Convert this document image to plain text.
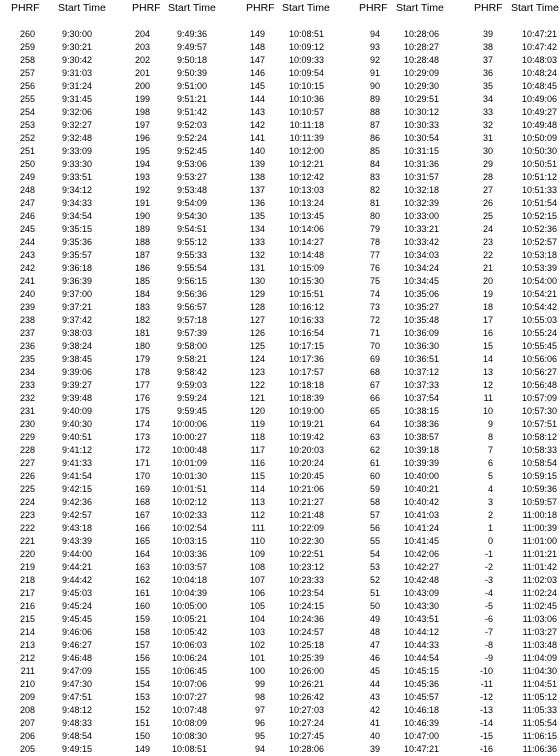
PHRF Start Time PHRF Start Time	PHRF Start Time	PHRF Start Time	PHRF Start Time
260	9:30:00	204	9:49:36	149	10:08:51	94	10:28:06	39	10:47:21
259	9:30:21	203	9:49:57	148	10:09:12	93	10:28:27	38	10:47:42
258	9:30:42	202	9:50:18	147	10:09:33	92	10:28:48	37	10:48:03
257	9:31:03	201	9:50:39	146	10:09:54	91	10:29:09	36	10:48:24
256	9:31:24	200	9:51:00	145	10:10:15	90	10:29:30	35	10:48:45
255	9:31:45	199	9:51:21	144	10:10:36	89	10:29:51	34	10:49:06
254	9:32:06	198	9:51:42	143	10:10:57	88	10:30:12	33	10:49:27
253	9:32:27	197	9:52:03	142	10:11:18	87	10:30:33	32	10:49:48
252	9:32:48	196	9:52:24	141	10:11:39	86	10:30:54	31	10:50:09
251	9:33:09	195	9:52:45	140	10:12:00	85	10:31:15	30	10:50:30
250	9:33:30	194	9:53:06	139	10:12:21	84	10:31:36	29	10:50:51
249	9:33:51	193	9:53:27	138	10:12:42	83	10:31:57	28	10:51:12
248	9:34:12	192	9:53:48	137	10:13:03	82	10:32:18	27	10:51:33
247	9:34:33	191	9:54:09	136	10:13:24	81	10:32:39	26	10:51:54
246	9:34:54	190	9:54:30	135	10:13:45	80	10:33:00	25	10:52:15
245	9:35:15	189	9:54:51	134	10:14:06	79	10:33:21	24	10:52:36
244	9:35:36	188	9:55:12	133	10:14:27	78	10:33:42	23	10:52:57
243	9:35:57	187	9:55:33	132	10:14:48	77	10:34:03	22	10:53:18
242	9:36:18	186	9:55:54	131	10:15:09	76	10:34:24	21	10:53:39
241	9:36:39	185	9:56:15	130	10:15:30	75	10:34:45	20	10:54:00
240	9:37:00	184	9:56:36	129	10:15:51	74	10:35:06	19	10:54:21
239	9:37:21	183	9:56:57	128	10:16:12	73	10:35:27	18	10:54:42
238	9:37:42	182	9:57:18	127	10:16:33	72	10:35:48	17	10:55:03
237	9:38:03	181	9:57:39	126	10:16:54	71	10:36:09	16	10:55:24
236	9:38:24	180	9:58:00	125	10:17:15	70	10:36:30	15	10:55:45
235	9:38:45	179	9:58:21	124	10:17:36	69	10:36:51	14	10:56:06
234	9:39:06	178	9:58:42	123	10:17:57	68	10:37:12	13	10:56:27
233	9:39:27	177	9:59:03	122	10:18:18	67	10:37:33	12	10:56:48
232	9:39:48	176	9:59:24	121	10:18:39	66	10:37:54	11	10:57:09
231	9:40:09	175	9:59:45	120	10:19:00	65	10:38:15	10	10:57:30
230	9:40:30	174 10:00:06	119	10:19:21	64	10:38:36	9	10:57:51
229	9:40:51	173 10:00:27	118	10:19:42	63	10:38:57	8	10:58:12
228	9:41:12	172 10:00:48	117	10:20:03	62	10:39:18	7	10:58:33
227	9:41:33	171 10:01:09	116	10:20:24	61	10:39:39	6	10:58:54
226	9:41:54	170 10:01:30	115	10:20:45	60	10:40:00	5	10:59:15
225	9:42:15	169 10:01:51	114	10:21:06	59	10:40:21	4	10:59:36
224	9:42:36	168 10:02:12	113	10:21:27	58	10:40:42	3	10:59:57
223	9:42:57	167 10:02:33	112	10:21:48	57	10:41:03	2	11:00:18
222	9:43:18	166 10:02:54	111	10:22:09	56	10:41:24	1	11:00:39
221	9:43:39	165 10:03:15	110	10:22:30	55	10:41:45	0	11:01:00
220	9:44:00	164 10:03:36	109	10:22:51	54	10:42:06	-1	11:01:21
219	9:44:21	163 10:03:57	108	10:23:12	53	10:42:27	-2	11:01:42
218	9:44:42	162 10:04:18	107	10:23:33	52	10:42:48	-3	11:02:03
217	9:45:03	161 10:04:39	106	10:23:54	51	10:43:09	-4	11:02:24
216	9:45:24	160 10:05:00	105	10:24:15	50	10:43:30	-5	11:02:45
215	9:45:45	159 10:05:21	104	10:24:36	49	10:43:51	-6	11:03:06
214	9:46:06	158 10:05:42	103	10:24:57	48	10:44:12	-7	11:03:27
213	9:46:27	157 10:06:03	102	10:25:18	47	10:44:33	-8	11:03:48
212	9:46:48	156 10:06:24	101	10:25:39	46	10:44:54	-9	11:04:09
211	9:47:09	155 10:06:45	100	10:26:00	45	10:45:15	-10	11:04:30
210	9:47:30	154 10:07:06	99	10:26:21	44	10:45:36	-11	11:04:51
209	9:47:51	153 10:07:27	98	10:26:42	43	10:45:57	-12	11:05:12
208	9:48:12	152 10:07:48	97	10:27:03	42	10:46:18	-13	11:05:33
207	9:48:33	151 10:08:09	96	10:27:24	41	10:46:39	-14	11:05:54
206	9:48:54	150 10:08:30	95	10:27:45	40	10:47:00	-15	11:06:15
205	9:49:15	149 10:08:51	94	10:28:06	39	10:47:21	-16	11:06:36
